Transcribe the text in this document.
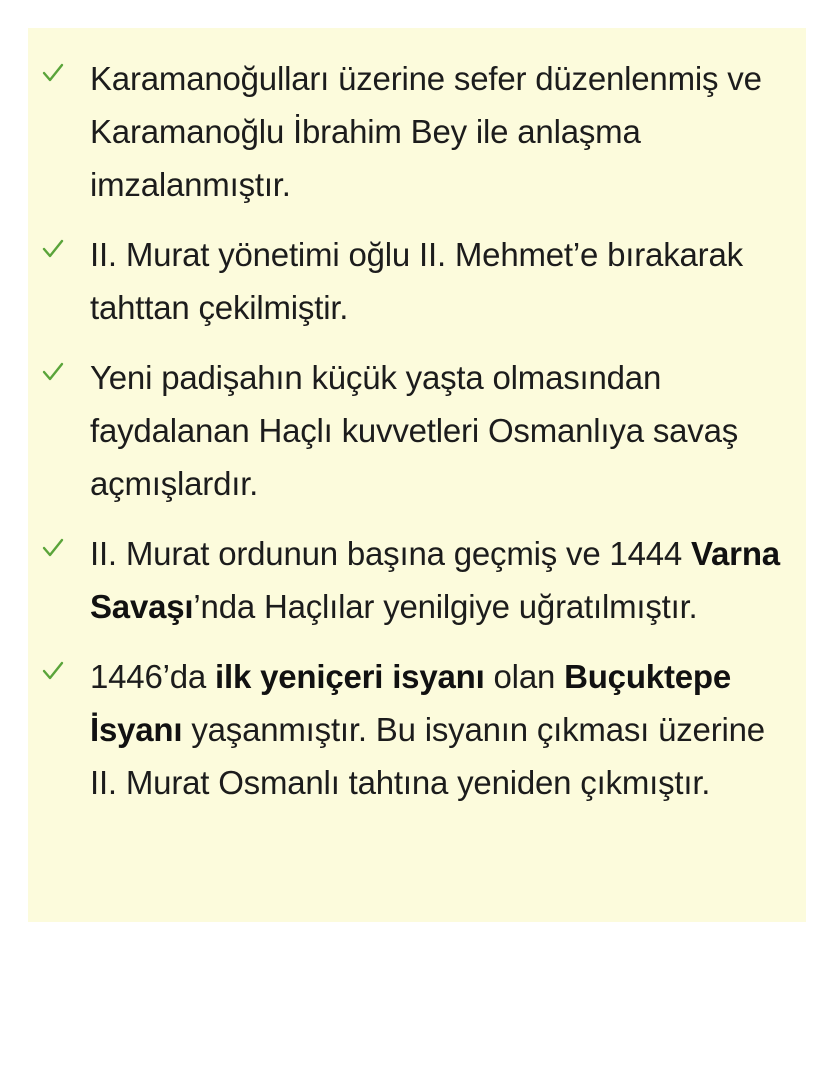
Karamanoğulları üzerine sefer düzenlenmiş ve Karamanoğlu İbrahim Bey ile anlaşma imzalanmıştır.
II. Murat yönetimi oğlu II. Mehmet’e bırakarak tahttan çekilmiştir.
Yeni padişahın küçük yaşta olmasından faydalanan Haçlı kuvvetleri Osmanlıya savaş açmışlardır.
II. Murat ordunun başına geçmiş ve 1444 Varna Savaşı’nda Haçlılar yenilgiye uğratılmıştır.
1446’da ilk yeniçeri isyanı olan Buçuktepe İsyanı yaşanmıştır. Bu isyanın çıkması üzerine II. Murat Osmanlı tahtına yeniden çıkmıştır.
